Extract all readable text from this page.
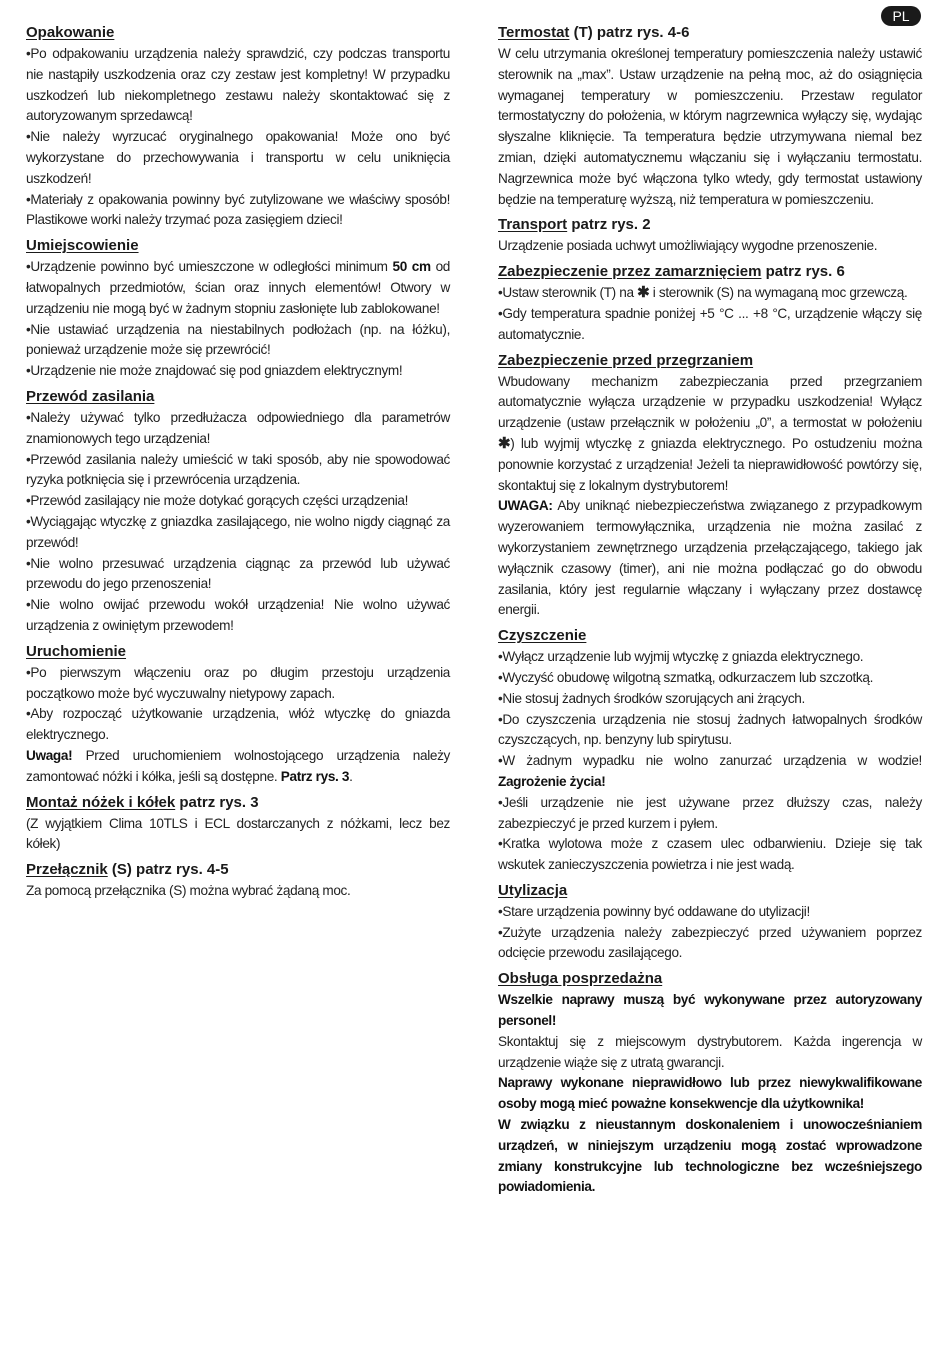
PL
Opakowanie

•Po odpakowaniu urządzenia należy sprawdzić, czy podczas transportu nie nastąpiły uszkodzenia oraz czy zestaw jest kompletny! W przypadku uszkodzeń lub niekompletnego zestawu należy skontaktować się z autoryzowanym sprzedawcą!

•Nie należy wyrzucać oryginalnego opakowania! Może ono być wykorzystane do przechowywania i transportu w celu uniknięcia uszkodzeń!

•Materiały z opakowania powinny być zutylizowane we właściwy sposób! Plastikowe worki należy trzymać poza zasięgiem dzieci!

Umiejscowienie

•Urządzenie powinno być umieszczone w odległości minimum 50 cm od łatwopalnych przedmiotów, ścian oraz innych elementów! Otwory w urządzeniu nie mogą być w żadnym stopniu zasłonięte lub zablokowane!

•Nie ustawiać urządzenia na niestabilnych podłożach (np. na łóżku), ponieważ urządzenie może się przewrócić!

•Urządzenie nie może znajdować się pod gniazdem elektrycznym!

Przewód zasilania

•Należy używać tylko przedłużacza odpowiedniego dla parametrów znamionowych tego urządzenia!

•Przewód zasilania należy umieścić w taki sposób, aby nie spowodować ryzyka potknięcia się i przewrócenia urządzenia.

•Przewód zasilający nie może dotykać gorących części urządzenia!

•Wyciągając wtyczkę z gniazdka zasilającego, nie wolno nigdy ciągnąć za przewód!

•Nie wolno przesuwać urządzenia ciągnąc za przewód lub używać przewodu do jego przenoszenia!

•Nie wolno owijać przewodu wokół urządzenia! Nie wolno używać urządzenia z owiniętym przewodem!

Uruchomienie

•Po pierwszym włączeniu oraz po długim przestoju urządzenia początkowo może być wyczuwalny nietypowy zapach.

•Aby rozpocząć użytkowanie urządzenia, włóż wtyczkę do gniazda elektrycznego.

Uwaga! Przed uruchomieniem wolnostojącego urządzenia należy zamontować nóżki i kółka, jeśli są dostępne. Patrz rys. 3.

Montaż nóżek i kółek patrz rys. 3

(Z wyjątkiem Clima 10TLS i ECL dostarczanych z nóżkami, lecz bez kółek)

Przełącznik (S) patrz rys. 4-5

Za pomocą przełącznika (S) można wybrać żądaną moc.

Termostat (T) patrz rys. 4-6

W celu utrzymania określonej temperatury pomieszczenia należy ustawić sterownik na „max”. Ustaw urządzenie na pełną moc, aż do osiągnięcia wymaganej temperatury w pomieszczeniu. Przestaw regulator termostatyczny do położenia, w którym nagrzewnica wyłączy się, wydając słyszalne kliknięcie. Ta temperatura będzie utrzymywana niemal bez zmian, dzięki automatycznemu włączaniu się i wyłączaniu termostatu. Nagrzewnica może być włączona tylko wtedy, gdy termostat ustawiony będzie na temperaturę wyższą, niż temperatura w pomieszczeniu.

Transport patrz rys. 2

Urządzenie posiada uchwyt umożliwiający wygodne przenoszenie.

Zabezpieczenie przez zamarznięciem patrz rys. 6

•Ustaw sterownik (T) na ✱ i sterownik (S) na wymaganą moc grzewczą.

•Gdy temperatura spadnie poniżej +5 °C ... +8 °C, urządzenie włączy się automatycznie.

Zabezpieczenie przed przegrzaniem

Wbudowany mechanizm zabezpieczania przed przegrzaniem automatycznie wyłącza urządzenie w przypadku uszkodzenia! Wyłącz urządzenie (ustaw przełącznik w położeniu „0”, a termostat w położeniu ✱) lub wyjmij wtyczkę z gniazda elektrycznego. Po ostudzeniu można ponownie korzystać z urządzenia! Jeżeli ta nieprawidłowość powtórzy się, skontaktuj się z lokalnym dystrybutorem!

UWAGA: Aby uniknąć niebezpieczeństwa związanego z przypadkowym wyzerowaniem termowyłącznika, urządzenia nie można zasilać z wykorzystaniem zewnętrznego urządzenia przełączającego, takiego jak wyłącznik czasowy (timer), ani nie można podłączać go do obwodu zasilania, który jest regularnie włączany i wyłączany przez dostawcę energii.

Czyszczenie

•Wyłącz urządzenie lub wyjmij wtyczkę z gniazda elektrycznego.

•Wyczyść obudowę wilgotną szmatką, odkurzaczem lub szczotką.

•Nie stosuj żadnych środków szorujących ani żrących.

•Do czyszczenia urządzenia nie stosuj żadnych łatwopalnych środków czyszczących, np. benzyny lub spirytusu.

•W żadnym wypadku nie wolno zanurzać urządzenia w wodzie! Zagrożenie życia!

•Jeśli urządzenie nie jest używane przez dłuższy czas, należy zabezpieczyć je przed kurzem i pyłem.

•Kratka wylotowa może z czasem ulec odbarwieniu. Dzieje się tak wskutek zanieczyszczenia powietrza i nie jest wadą.

Utylizacja

•Stare urządzenia powinny być oddawane do utylizacji!

•Zużyte urządzenia należy zabezpieczyć przed używaniem poprzez odcięcie przewodu zasilającego.

Obsługa posprzedażna

Wszelkie naprawy muszą być wykonywane przez autoryzowany personel!

Skontaktuj się z miejscowym dystrybutorem. Każda ingerencja w urządzenie wiąże się z utratą gwarancji.

Naprawy wykonane nieprawidłowo lub przez niewykwalifikowane osoby mogą mieć poważne konsekwencje dla użytkownika!

W związku z nieustannym doskonaleniem i unowocześnianiem urządzeń, w niniejszym urządzeniu mogą zostać wprowadzone zmiany konstrukcyjne lub technologiczne bez wcześniejszego powiadomienia.
